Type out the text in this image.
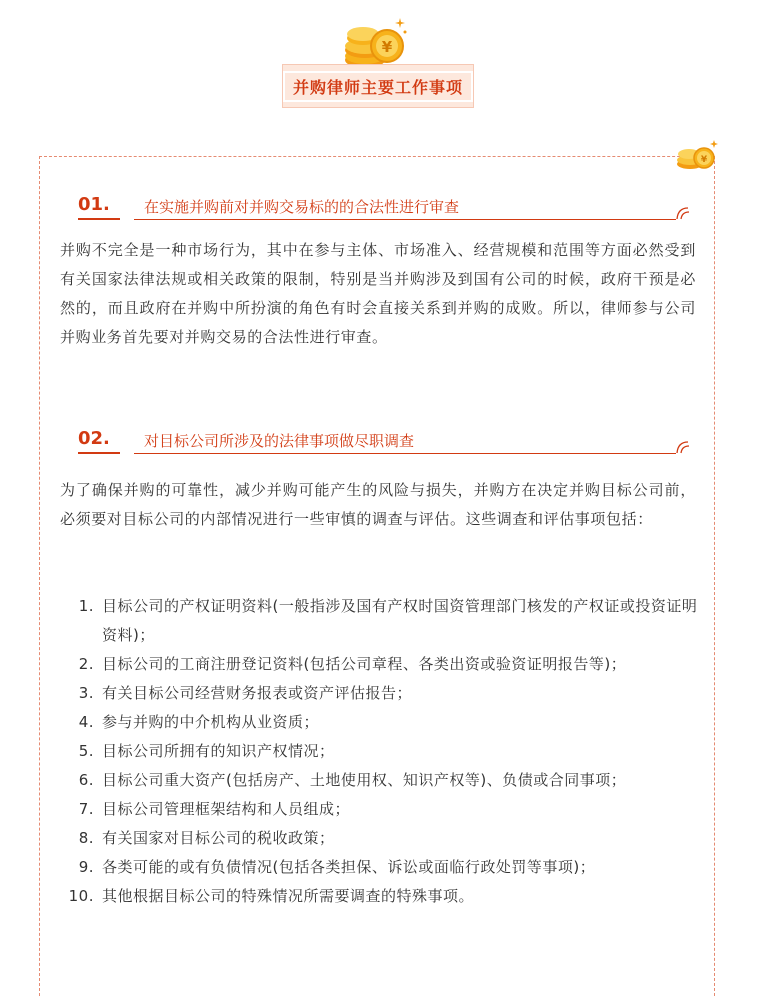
¥
并购律师主要工作事项
¥
01. 在实施并购前对并购交易标的的合法性进行审查

并购不完全是一种市场行为，其中在参与主体、市场准入、经营规模和范围等方面必然受到有关国家法律法规或相关政策的限制，特别是当并购涉及到国有公司的时候，政府干预是必然的，而且政府在并购中所扮演的角色有时会直接关系到并购的成败。所以，律师参与公司并购业务首先要对并购交易的合法性进行审查。

02. 对目标公司所涉及的法律事项做尽职调查

为了确保并购的可靠性，减少并购可能产生的风险与损失，并购方在决定并购目标公司前，必须要对目标公司的内部情况进行一些审慎的调查与评估。这些调查和评估事项包括：

1. 目标公司的产权证明资料(一般指涉及国有产权时国资管理部门核发的产权证或投资证明资料)；
2. 目标公司的工商注册登记资料(包括公司章程、各类出资或验资证明报告等)；
3. 有关目标公司经营财务报表或资产评估报告；
4. 参与并购的中介机构从业资质；
5. 目标公司所拥有的知识产权情况；
6. 目标公司重大资产(包括房产、土地使用权、知识产权等)、负债或合同事项；
7. 目标公司管理框架结构和人员组成；
8. 有关国家对目标公司的税收政策；
9. 各类可能的或有负债情况(包括各类担保、诉讼或面临行政处罚等事项)；
10. 其他根据目标公司的特殊情况所需要调查的特殊事项。
